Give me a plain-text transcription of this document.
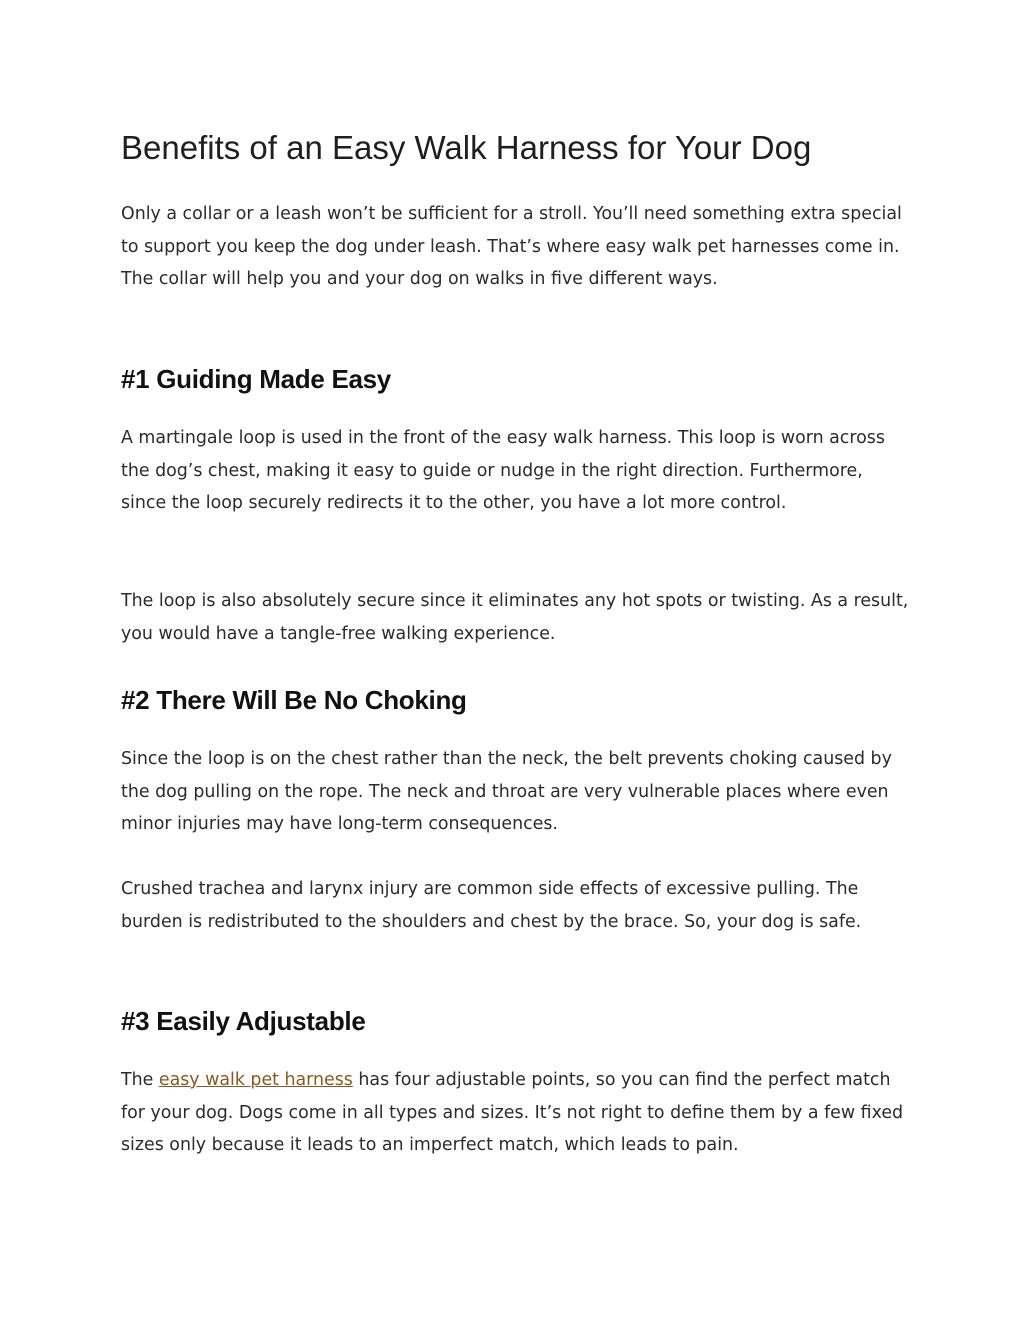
Benefits of an Easy Walk Harness for Your Dog

Only a collar or a leash won’t be sufficient for a stroll. You’ll need something extra special to support you keep the dog under leash. That’s where easy walk pet harnesses come in. The collar will help you and your dog on walks in five different ways.

#1 Guiding Made Easy

A martingale loop is used in the front of the easy walk harness. This loop is worn across the dog’s chest, making it easy to guide or nudge in the right direction. Furthermore, since the loop securely redirects it to the other, you have a lot more control.

The loop is also absolutely secure since it eliminates any hot spots or twisting. As a result, you would have a tangle-free walking experience.

#2 There Will Be No Choking

Since the loop is on the chest rather than the neck, the belt prevents choking caused by the dog pulling on the rope. The neck and throat are very vulnerable places where even minor injuries may have long-term consequences.

Crushed trachea and larynx injury are common side effects of excessive pulling. The burden is redistributed to the shoulders and chest by the brace. So, your dog is safe.

#3 Easily Adjustable

The easy walk pet harness has four adjustable points, so you can find the perfect match for your dog. Dogs come in all types and sizes. It’s not right to define them by a few fixed sizes only because it leads to an imperfect match, which leads to pain.
